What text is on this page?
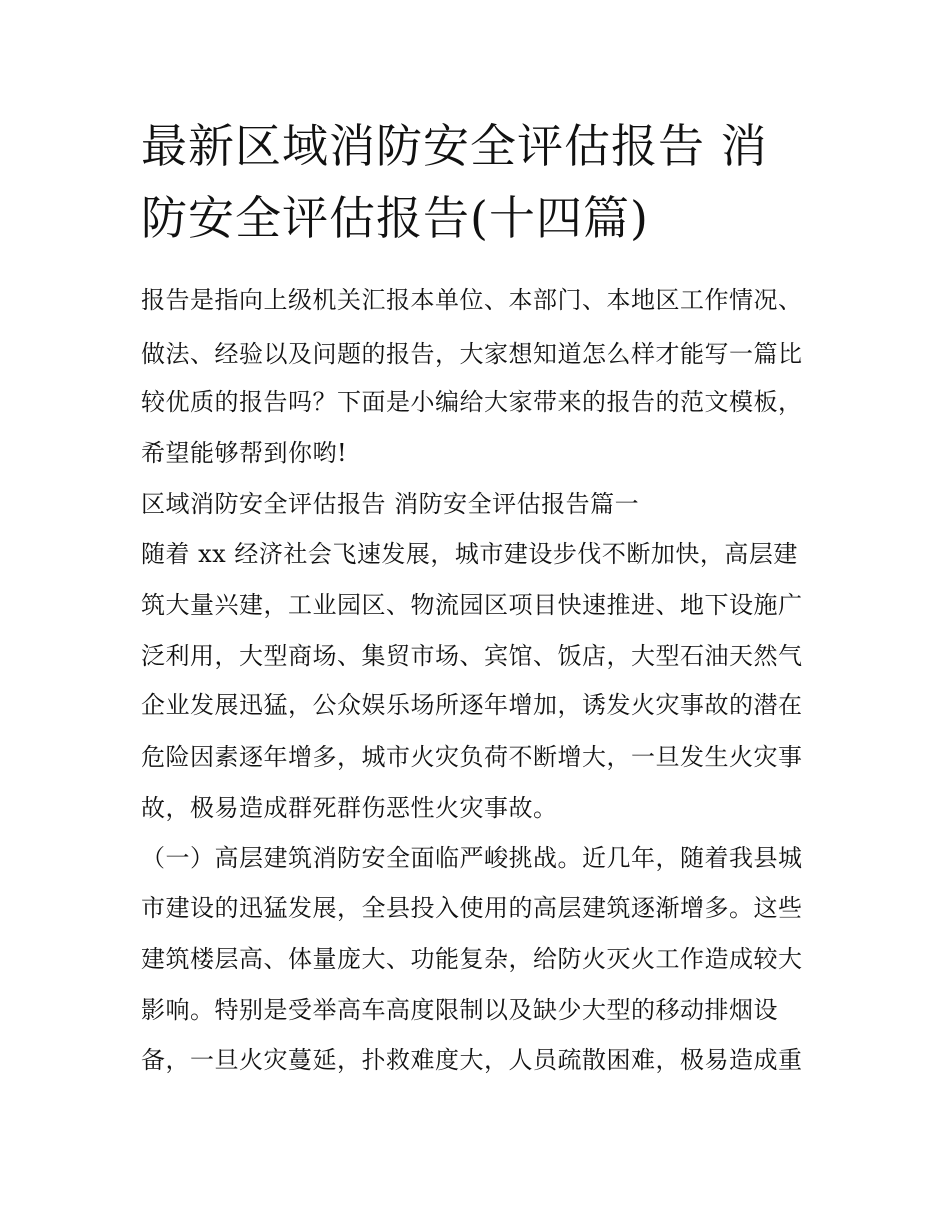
最新区域消防安全评估报告 消
防安全评估报告(十四篇)
报告是指向上级机关汇报本单位、本部门、本地区工作情况、
做法、经验以及问题的报告，大家想知道怎么样才能写一篇比
较优质的报告吗？下面是小编给大家带来的报告的范文模板，
希望能够帮到你哟!
区域消防安全评估报告 消防安全评估报告篇一
随着 xx 经济社会飞速发展，城市建设步伐不断加快，高层建
筑大量兴建，工业园区、物流园区项目快速推进、地下设施广
泛利用，大型商场、集贸市场、宾馆、饭店，大型石油天然气
企业发展迅猛，公众娱乐场所逐年增加，诱发火灾事故的潜在
危险因素逐年增多，城市火灾负荷不断增大，一旦发生火灾事
故，极易造成群死群伤恶性火灾事故。
（一）高层建筑消防安全面临严峻挑战。近几年，随着我县城
市建设的迅猛发展，全县投入使用的高层建筑逐渐增多。这些
建筑楼层高、体量庞大、功能复杂，给防火灭火工作造成较大
影响。特别是受举高车高度限制以及缺少大型的移动排烟设
备，一旦火灾蔓延，扑救难度大，人员疏散困难，极易造成重
